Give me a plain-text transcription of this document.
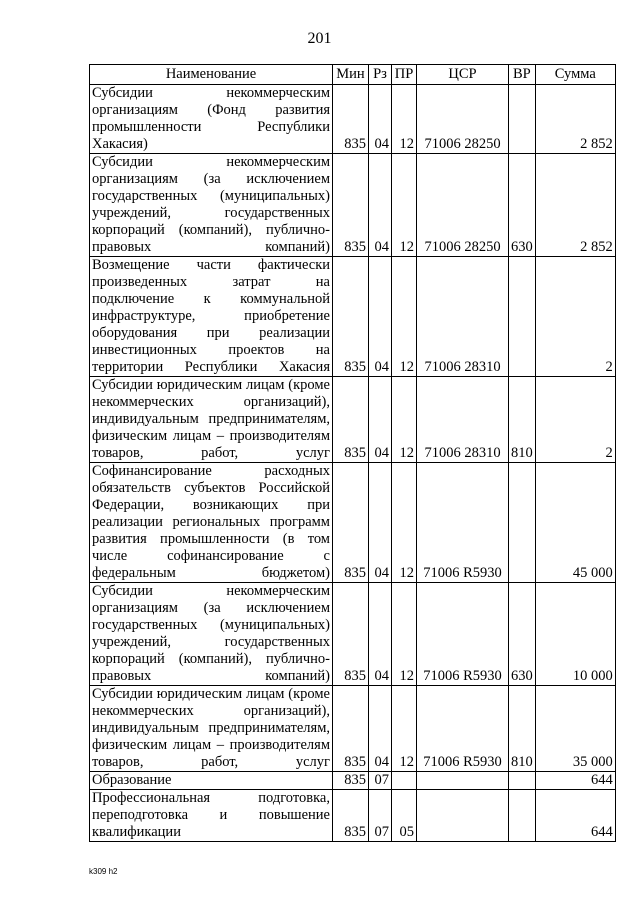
201
Наименование	Мин	Рз	ПР	ЦСР	ВР	Сумма
Субсидии некоммерческим организациям (Фонд развития промышленности Республики Хакасия)	835	04	12	71006 28250		2 852
Субсидии некоммерческим организациям (за исключением государственных (муниципальных) учреждений, государственных корпораций (компаний), публично-правовых компаний)	835	04	12	71006 28250	630	2 852
Возмещение части фактически произведенных затрат на подключение к коммунальной инфраструктуре, приобретение оборудования при реализации инвестиционных проектов на территории Республики Хакасия	835	04	12	71006 28310		2
Субсидии юридическим лицам (кроме некоммерческих организаций), индивидуальным предпринимателям, физическим лицам – производителям товаров, работ, услуг	835	04	12	71006 28310	810	2
Софинансирование расходных обязательств субъектов Российской Федерации, возникающих при реализации региональных программ развития промышленности (в том числе софинансирование с федеральным бюджетом)	835	04	12	71006 R5930		45 000
Субсидии некоммерческим организациям (за исключением государственных (муниципальных) учреждений, государственных корпораций (компаний), публично-правовых компаний)	835	04	12	71006 R5930	630	10 000
Субсидии юридическим лицам (кроме некоммерческих организаций), индивидуальным предпринимателям, физическим лицам – производителям товаров, работ, услуг	835	04	12	71006 R5930	810	35 000
Образование	835	07				644
Профессиональная подготовка, переподготовка и повышение квалификации	835	07	05			644
k309 h2
